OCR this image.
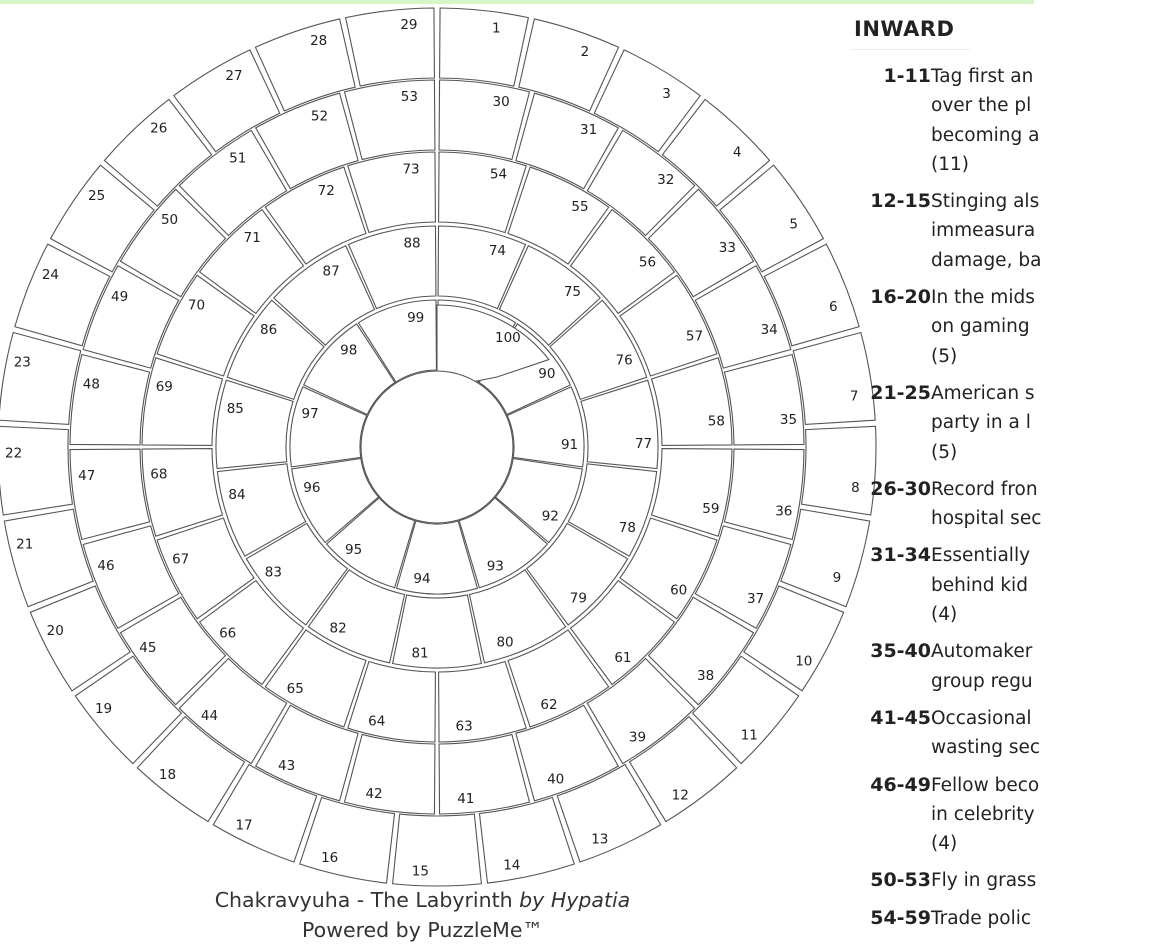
1
2
3
4
5
6
7
8
9
10
11
12
13
14
15
16
17
18
19
20
21
22
23
24
25
26
27
28
29
30
31
32
33
34
35
36
37
38
39
40
41
42
43
44
45
46
47
48
49
50
51
52
53
54
55
56
57
58
59
60
61
62
63
64
65
66
67
68
69
70
71
72
73
74
75
76
77
78
79
80
81
82
83
84
85
86
87
88
90
91
92
93
94
95
96
97
98
99
100
Chakravyuha - The Labyrinth by Hypatia
Powered by PuzzleMe™
INWARD
1-11 Tag first an
over the pl
becoming a
(11)
12-15 Stinging als
immeasura
damage, ba
16-20 In the mids
on gaming
(5)
21-25 American s
party in a l
(5)
26-30 Record fron
hospital sec
31-34 Essentially
behind kid
(4)
35-40 Automaker
group regu
41-45 Occasional
wasting sec
46-49 Fellow beco
in celebrity
(4)
50-53 Fly in grass
54-59 Trade polic
